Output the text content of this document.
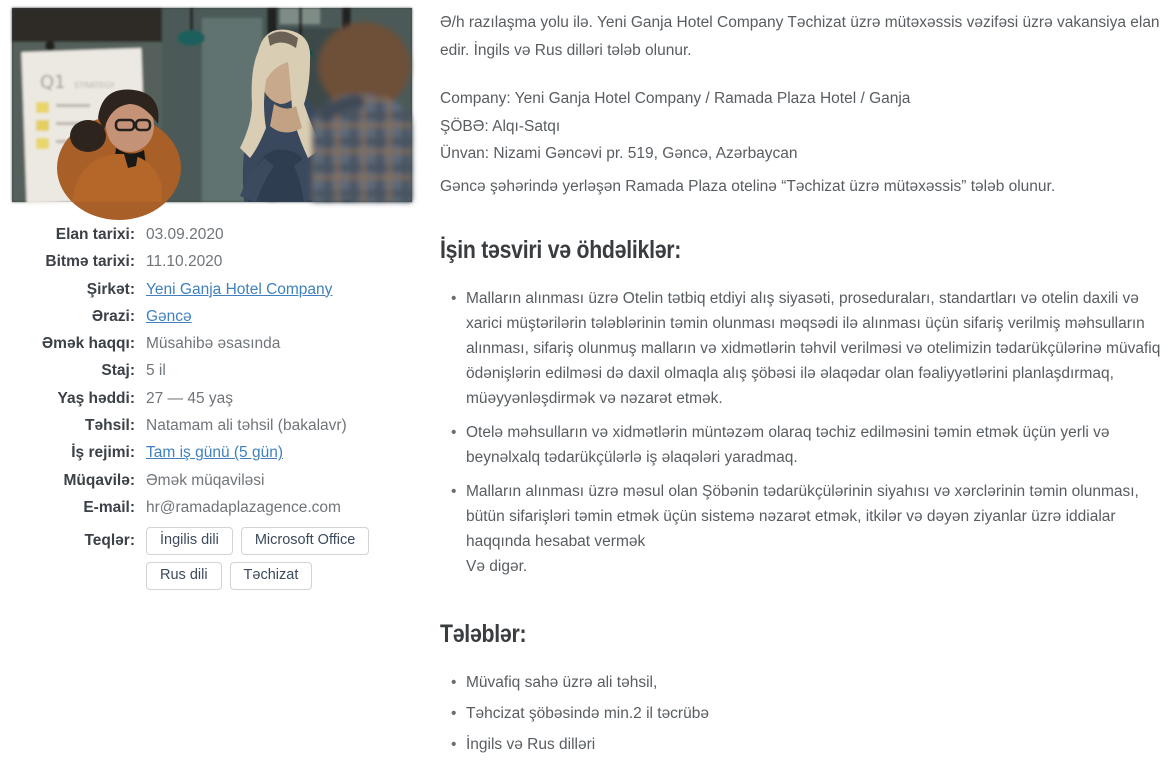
Q1 STRATEGY
Elan tarixi: 03.09.2020
Bitmə tarixi: 11.10.2020
Şirkət: Yeni Ganja Hotel Company
Ərazi: Gəncə
Əmək haqqı: Müsahibə əsasında
Staj: 5 il
Yaş həddi: 27 — 45 yaş
Təhsil: Natamam ali təhsil (bakalavr)
İş rejimi: Tam iş günü (5 gün)
Müqavilə: Əmək müqaviləsi
E-mail: hr@ramadaplazagence.com
Teqlər:	İngilis dili	Microsoft Office
Rus dili	Təchizat

Ə/h razılaşma yolu ilə. Yeni Ganja Hotel Company Təchizat üzrə mütəxəssis vəzifəsi üzrə vakansiya elan edir. İngils və Rus dilləri tələb olunur.

Company: Yeni Ganja Hotel Company / Ramada Plaza Hotel / Ganja
ŞÖBƏ: Alqı-Satqı
Ünvan: Nizami Gəncəvi pr. 519, Gəncə, Azərbaycan

Gəncə şəhərində yerləşən Ramada Plaza otelinə “Təchizat üzrə mütəxəssis” tələb olunur.

İşin təsviri və öhdəliklər:
• Malların alınması üzrə Otelin tətbiq etdiyi alış siyasəti, proseduraları, standartları və otelin daxili və xarici müştərilərin tələblərinin təmin olunması məqsədi ilə alınması üçün sifariş verilmiş məhsulların alınması, sifariş olunmuş malların və xidmətlərin təhvil verilməsi və otelimizin tədarükçülərinə müvafiq ödənişlərin edilməsi də daxil olmaqla alış şöbəsi ilə əlaqədar olan fəaliyyətlərini planlaşdırmaq, müəyyənləşdirmək və nəzarət etmək.
• Otelə məhsulların və xidmətlərin müntəzəm olaraq təchiz edilməsini təmin etmək üçün yerli və beynəlxalq tədarükçülərlə iş əlaqələri yaradmaq.
• Malların alınması üzrə məsul olan Şöbənin tədarükçülərinin siyahısı və xərclərinin təmin olunması, bütün sifarişləri təmin etmək üçün sistemə nəzarət etmək, itkilər və dəyən ziyanlar üzrə iddialar haqqında hesabat vermək
Və digər.
Tələblər:
• Müvafiq sahə üzrə ali təhsil,
• Təhcizat şöbəsində min.2 il təcrübə
• İngils və Rus dilləri
